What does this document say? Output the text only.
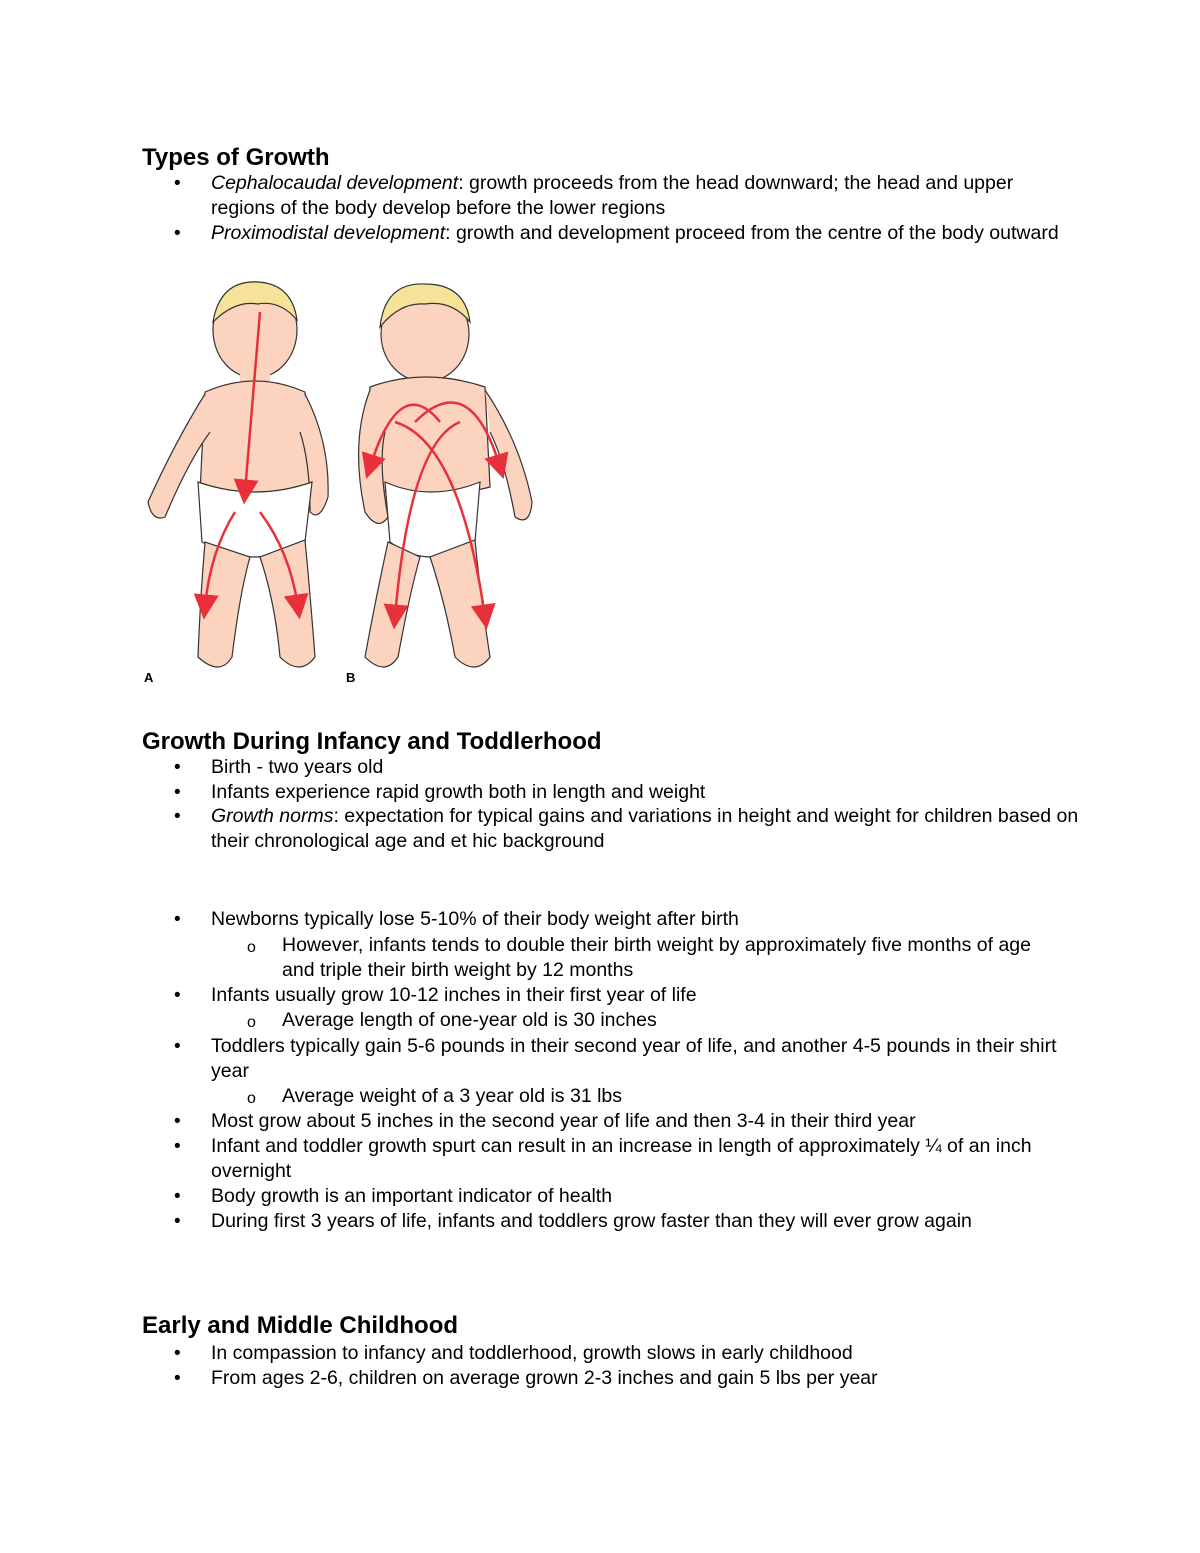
Types of Growth
• Cephalocaudal development: growth proceeds from the head downward; the head and upper regions of the body develop before the lower regions
• Proximodistal development: growth and development proceed from the centre of the body outward
A	B
Growth During Infancy and Toddlerhood
• Birth - two years old
• Infants experience rapid growth both in length and weight
• Growth norms: expectation for typical gains and variations in height and weight for children based on their chronological age and et hic background
• Newborns typically lose 5-10% of their body weight after birth
o However, infants tends to double their birth weight by approximately five months of age and triple their birth weight by 12 months
• Infants usually grow 10-12 inches in their first year of life
o Average length of one-year old is 30 inches
• Toddlers typically gain 5-6 pounds in their second year of life, and another 4-5 pounds in their shirt year
o Average weight of a 3 year old is 31 lbs
• Most grow about 5 inches in the second year of life and then 3-4 in their third year
• Infant and toddler growth spurt can result in an increase in length of approximately ¼ of an inch overnight
• Body growth is an important indicator of health
• During first 3 years of life, infants and toddlers grow faster than they will ever grow again
Early and Middle Childhood
• In compassion to infancy and toddlerhood, growth slows in early childhood
• From ages 2-6, children on average grown 2-3 inches and gain 5 lbs per year
